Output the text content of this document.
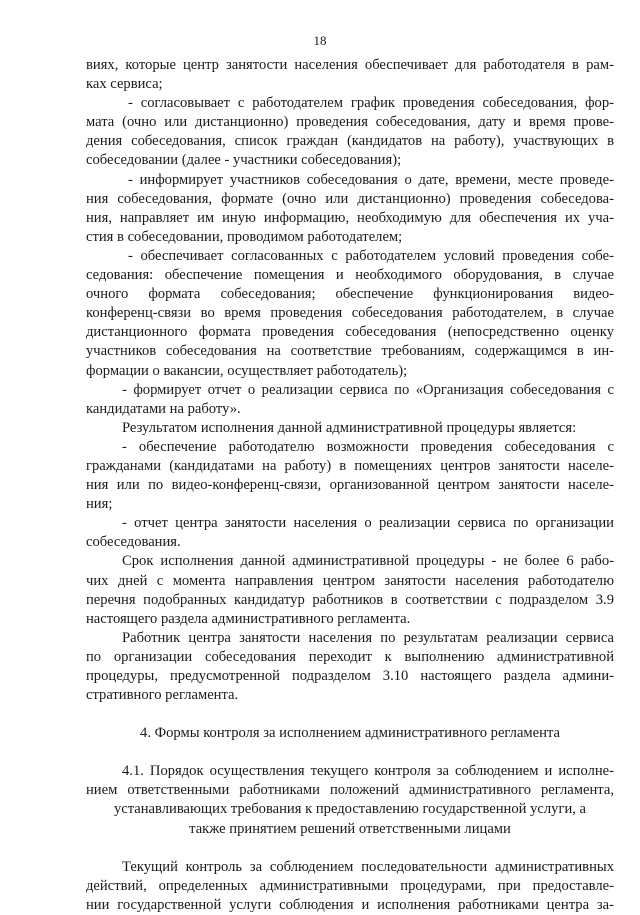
18
виях, которые центр занятости населения обеспечивает для работодателя в рам-
ках сервиса;
- согласовывает с работодателем график проведения собеседования, фор-
мата (очно или дистанционно) проведения собеседования, дату и время прове-
дения собеседования, список граждан (кандидатов на работу), участвующих в
собеседовании (далее - участники собеседования);
- информирует участников собеседования о дате, времени, месте проведе-
ния собеседования, формате (очно или дистанционно) проведения собеседова-
ния, направляет им иную информацию, необходимую для обеспечения их уча-
стия в собеседовании, проводимом работодателем;
- обеспечивает согласованных с работодателем условий проведения собе-
седования: обеспечение помещения и необходимого оборудования, в случае
очного формата собеседования; обеспечение функционирования видео-
конференц-связи во время проведения собеседования работодателем, в случае
дистанционного формата проведения собеседования (непосредственно оценку
участников собеседования на соответствие требованиям, содержащимся в ин-
формации о вакансии, осуществляет работодатель);
- формирует отчет о реализации сервиса по «Организация собеседования с
кандидатами на работу».
Результатом исполнения данной административной процедуры является:
- обеспечение работодателю возможности проведения собеседования с
гражданами (кандидатами на работу) в помещениях центров занятости населе-
ния или по видео-конференц-связи, организованной центром занятости населе-
ния;
- отчет центра занятости населения о реализации сервиса по организации
собеседования.
Срок исполнения данной административной процедуры - не более 6 рабо-
чих дней с момента направления центром занятости населения работодателю
перечня подобранных кандидатур работников в соответствии с подразделом 3.9
настоящего раздела административного регламента.
Работник центра занятости населения по результатам реализации сервиса
по организации собеседования переходит к выполнению административной
процедуры, предусмотренной подразделом 3.10 настоящего раздела админи-
стративного регламента.
4. Формы контроля за исполнением административного регламента
4.1. Порядок осуществления текущего контроля за соблюдением и исполне-
нием ответственными работниками положений административного регламента,
устанавливающих требования к предоставлению государственной услуги, а
также принятием решений ответственными лицами
Текущий контроль за соблюдением последовательности административных
действий, определенных административными процедурами, при предоставле-
нии государственной услуги соблюдения и исполнения работниками центра за-
